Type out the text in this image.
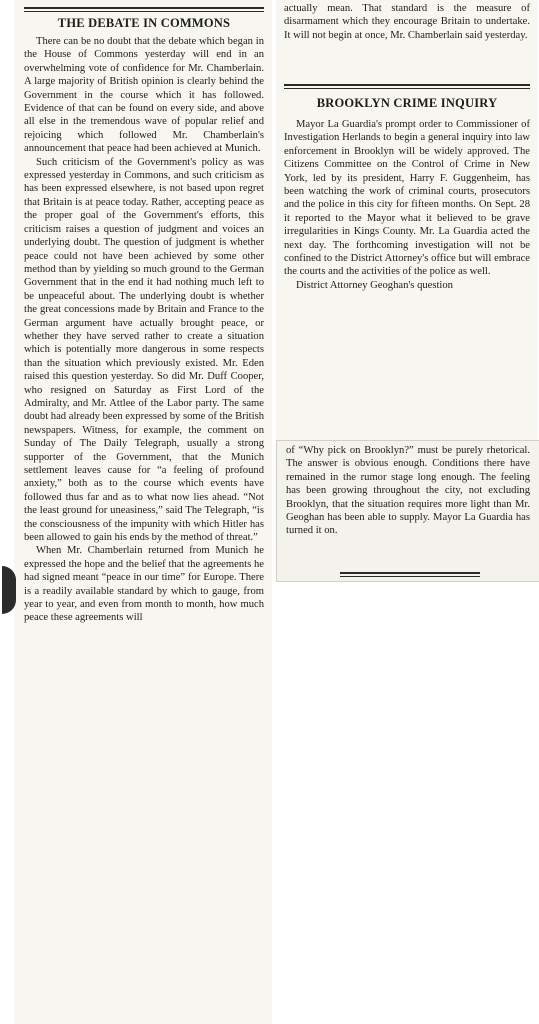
THE DEBATE IN COMMONS

There can be no doubt that the debate which began in the House of Commons yesterday will end in an overwhelming vote of confidence for Mr. Chamberlain. A large majority of British opinion is clearly behind the Government in the course which it has followed. Evidence of that can be found on every side, and above all else in the tremendous wave of popular relief and rejoicing which followed Mr. Chamberlain's announcement that peace had been achieved at Munich.

Such criticism of the Government's policy as was expressed yesterday in Commons, and such criticism as has been expressed elsewhere, is not based upon regret that Britain is at peace today. Rather, accepting peace as the proper goal of the Government's efforts, this criticism raises a question of judgment and voices an underlying doubt. The question of judgment is whether peace could not have been achieved by some other method than by yielding so much ground to the German Government that in the end it had nothing much left to be unpeaceful about. The underlying doubt is whether the great concessions made by Britain and France to the German argument have actually brought peace, or whether they have served rather to create a situation which is potentially more dangerous in some respects than the situation which previously existed. Mr. Eden raised this question yesterday. So did Mr. Duff Cooper, who resigned on Saturday as First Lord of the Admiralty, and Mr. Attlee of the Labor party. The same doubt had already been expressed by some of the British newspapers. Witness, for example, the comment on Sunday of The Daily Telegraph, usually a strong supporter of the Government, that the Munich settlement leaves cause for “a feeling of profound anxiety,” both as to the course which events have followed thus far and as to what now lies ahead. “Not the least ground for uneasiness,” said The Telegraph, “is the consciousness of the impunity with which Hitler has been allowed to gain his ends by the method of threat.”

When Mr. Chamberlain returned from Munich he expressed the hope and the belief that the agreements he had signed meant “peace in our time” for Europe. There is a readily available standard by which to gauge, from year to year, and even from month to month, how much peace these agreements will

actually mean. That standard is the measure of disarmament which they encourage Britain to undertake. It will not begin at once, Mr. Chamberlain said yesterday.
BROOKLYN CRIME INQUIRY

Mayor La Guardia's prompt order to Commissioner of Investigation Herlands to begin a general inquiry into law enforcement in Brooklyn will be widely approved. The Citizens Committee on the Control of Crime in New York, led by its president, Harry F. Guggenheim, has been watching the work of criminal courts, prosecutors and the police in this city for fifteen months. On Sept. 28 it reported to the Mayor what it believed to be grave irregularities in Kings County. Mr. La Guardia acted the next day. The forthcoming investigation will not be confined to the District Attorney's office but will embrace the courts and the activities of the police as well.

District Attorney Geoghan's question

of “Why pick on Brooklyn?” must be purely rhetorical. The answer is obvious enough. Conditions there have remained in the rumor stage long enough. The feeling has been growing throughout the city, not excluding Brooklyn, that the situation requires more light than Mr. Geoghan has been able to supply. Mayor La Guardia has turned it on.
